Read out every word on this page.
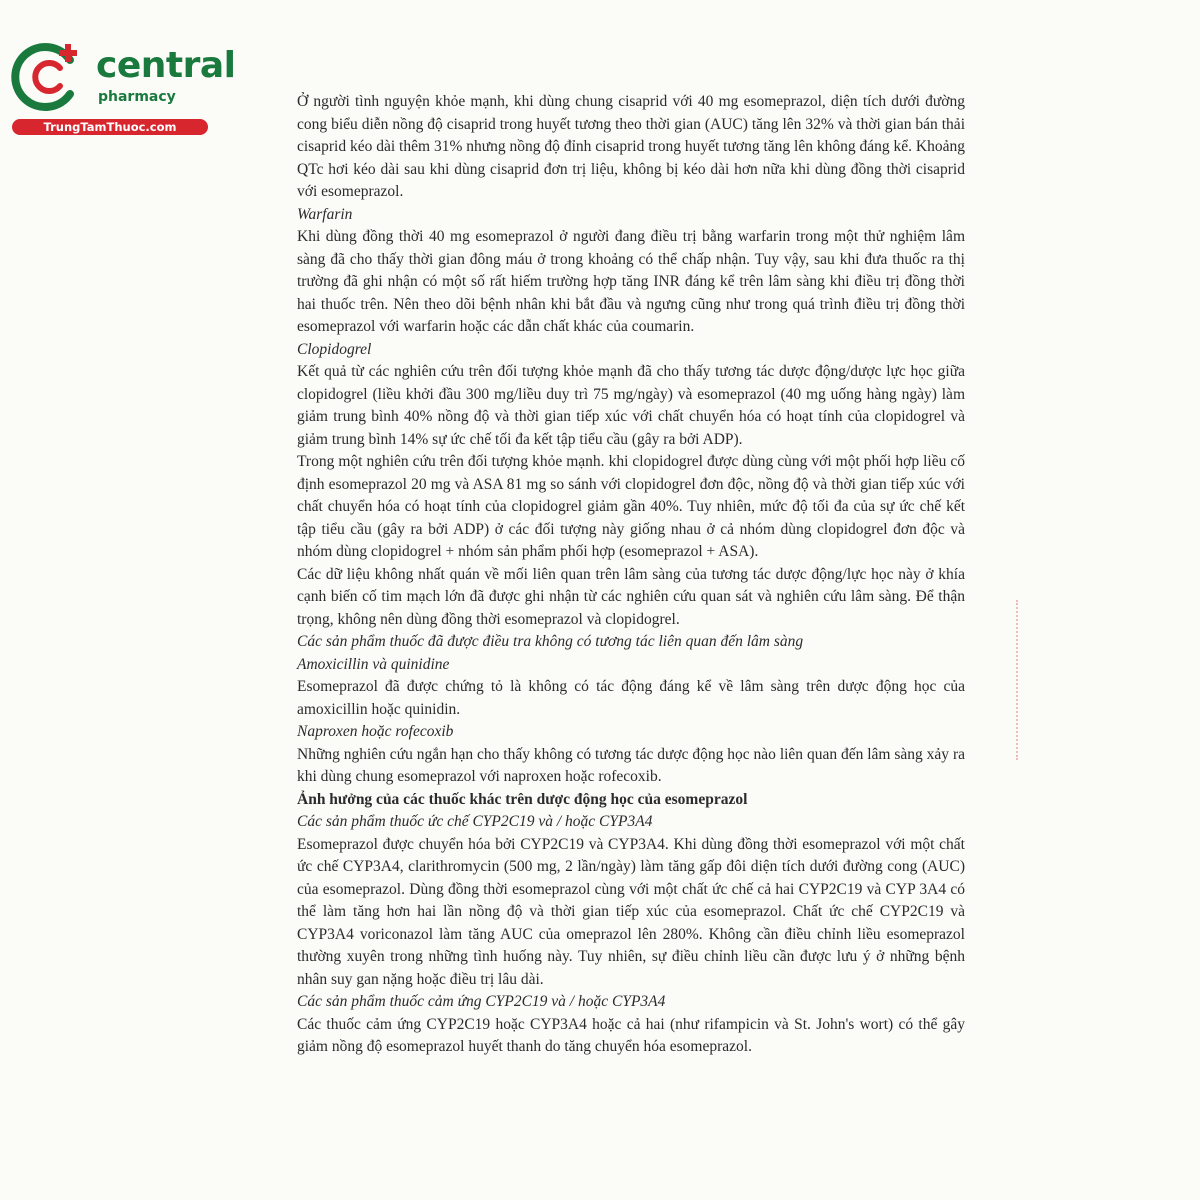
central
pharmacy
TrungTamThuoc.com

Ở người tình nguyện khỏe mạnh, khi dùng chung cisaprid với 40 mg esomeprazol, diện tích dưới đường cong biểu diễn nồng độ cisaprid trong huyết tương theo thời gian (AUC) tăng lên 32% và thời gian bán thải cisaprid kéo dài thêm 31% nhưng nồng độ đỉnh cisaprid trong huyết tương tăng lên không đáng kể. Khoảng QTc hơi kéo dài sau khi dùng cisaprid đơn trị liệu, không bị kéo dài hơn nữa khi dùng đồng thời cisaprid với esomeprazol.

Warfarin

Khi dùng đồng thời 40 mg esomeprazol ở người đang điều trị bằng warfarin trong một thử nghiệm lâm sàng đã cho thấy thời gian đông máu ở trong khoảng có thể chấp nhận. Tuy vậy, sau khi đưa thuốc ra thị trường đã ghi nhận có một số rất hiếm trường hợp tăng INR đáng kể trên lâm sàng khi điều trị đồng thời hai thuốc trên. Nên theo dõi bệnh nhân khi bắt đầu và ngưng cũng như trong quá trình điều trị đồng thời esomeprazol với warfarin hoặc các dẫn chất khác của coumarin.

Clopidogrel

Kết quả từ các nghiên cứu trên đối tượng khỏe mạnh đã cho thấy tương tác dược động/dược lực học giữa clopidogrel (liều khởi đầu 300 mg/liều duy trì 75 mg/ngày) và esomeprazol (40 mg uống hàng ngày) làm giảm trung bình 40% nồng độ và thời gian tiếp xúc với chất chuyển hóa có hoạt tính của clopidogrel và giảm trung bình 14% sự ức chế tối đa kết tập tiểu cầu (gây ra bởi ADP).

Trong một nghiên cứu trên đối tượng khỏe mạnh. khi clopidogrel được dùng cùng với một phối hợp liều cố định esomeprazol 20 mg và ASA 81 mg so sánh với clopidogrel đơn độc, nồng độ và thời gian tiếp xúc với chất chuyển hóa có hoạt tính của clopidogrel giảm gần 40%. Tuy nhiên, mức độ tối đa của sự ức chế kết tập tiểu cầu (gây ra bởi ADP) ở các đối tượng này giống nhau ở cả nhóm dùng clopidogrel đơn độc và nhóm dùng clopidogrel + nhóm sản phẩm phối hợp (esomeprazol + ASA).

Các dữ liệu không nhất quán về mối liên quan trên lâm sàng của tương tác dược động/lực học này ở khía cạnh biến cố tim mạch lớn đã được ghi nhận từ các nghiên cứu quan sát và nghiên cứu lâm sàng. Để thận trọng, không nên dùng đồng thời esomeprazol và clopidogrel.

Các sản phẩm thuốc đã được điều tra không có tương tác liên quan đến lâm sàng

Amoxicillin và quinidine

Esomeprazol đã được chứng tỏ là không có tác động đáng kể về lâm sàng trên dược động học của amoxicillin hoặc quinidin.

Naproxen hoặc rofecoxib

Những nghiên cứu ngắn hạn cho thấy không có tương tác dược động học nào liên quan đến lâm sàng xảy ra khi dùng chung esomeprazol với naproxen hoặc rofecoxib.

Ảnh hưởng của các thuốc khác trên dược động học của esomeprazol

Các sản phẩm thuốc ức chế CYP2C19 và / hoặc CYP3A4

Esomeprazol được chuyển hóa bởi CYP2C19 và CYP3A4. Khi dùng đồng thời esomeprazol với một chất ức chế CYP3A4, clarithromycin (500 mg, 2 lần/ngày) làm tăng gấp đôi diện tích dưới đường cong (AUC) của esomeprazol. Dùng đồng thời esomeprazol cùng với một chất ức chế cả hai CYP2C19 và CYP 3A4 có thể làm tăng hơn hai lần nồng độ và thời gian tiếp xúc của esomeprazol. Chất ức chế CYP2C19 và CYP3A4 voriconazol làm tăng AUC của omeprazol lên 280%. Không cần điều chỉnh liều esomeprazol thường xuyên trong những tình huống này. Tuy nhiên, sự điều chỉnh liều cần được lưu ý ở những bệnh nhân suy gan nặng hoặc điều trị lâu dài.

Các sản phẩm thuốc cảm ứng CYP2C19 và / hoặc CYP3A4

Các thuốc cảm ứng CYP2C19 hoặc CYP3A4 hoặc cả hai (như rifampicin và St. John's wort) có thể gây giảm nồng độ esomeprazol huyết thanh do tăng chuyển hóa esomeprazol.
